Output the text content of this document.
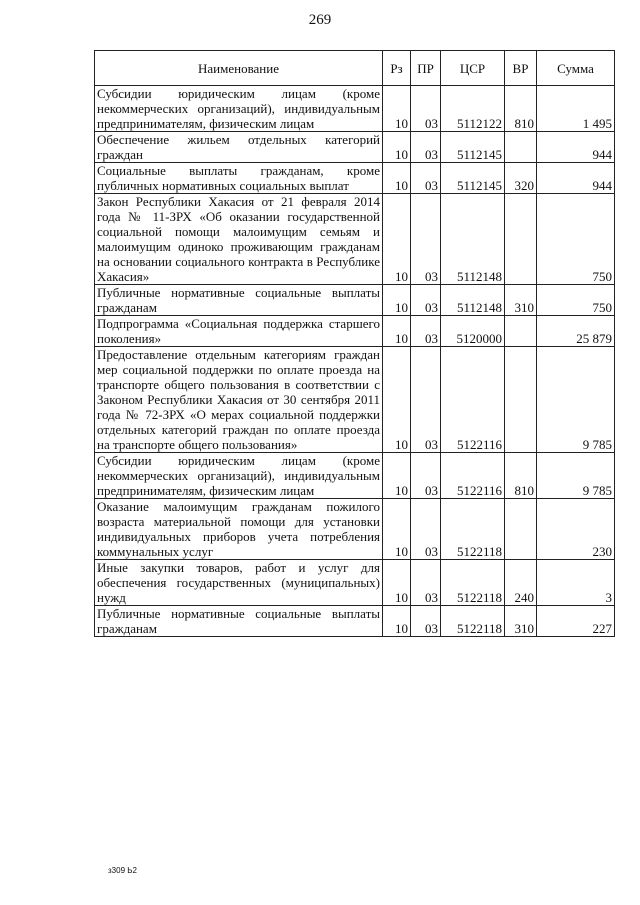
269
Наименование	Рз	ПР	ЦСР	ВР	Сумма
Субсидии юридическим лицам (кроме некоммерческих организаций), индивидуальным предпринимателям, физическим лицам	10	03	5112122	810	1 495
Обеспечение жильем отдельных категорий граждан	10	03	5112145		944
Социальные выплаты гражданам, кроме публичных нормативных социальных выплат	10	03	5112145	320	944
Закон Республики Хакасия от 21 февраля 2014 года № 11-ЗРХ «Об оказании государственной социальной помощи малоимущим семьям и малоимущим одиноко проживающим гражданам на основании социального контракта в Республике Хакасия»	10	03	5112148		750
Публичные нормативные социальные выплаты гражданам	10	03	5112148	310	750
Подпрограмма «Социальная поддержка старшего поколения»	10	03	5120000		25 879
Предоставление отдельным категориям граждан мер социальной поддержки по оплате проезда на транспорте общего пользования в соответствии с Законом Республики Хакасия от 30 сентября 2011 года № 72-ЗРХ «О мерах социальной поддержки отдельных категорий граждан по оплате проезда на транспорте общего пользования»	10	03	5122116		9 785
Субсидии юридическим лицам (кроме некоммерческих организаций), индивидуальным предпринимателям, физическим лицам	10	03	5122116	810	9 785
Оказание малоимущим гражданам пожилого возраста материальной помощи для установки индивидуальных приборов учета потребления коммунальных услуг	10	03	5122118		230
Иные закупки товаров, работ и услуг для обеспечения государственных (муниципальных) нужд	10	03	5122118	240	3
Публичные нормативные социальные выплаты гражданам	10	03	5122118	310	227
з309 Ь2
